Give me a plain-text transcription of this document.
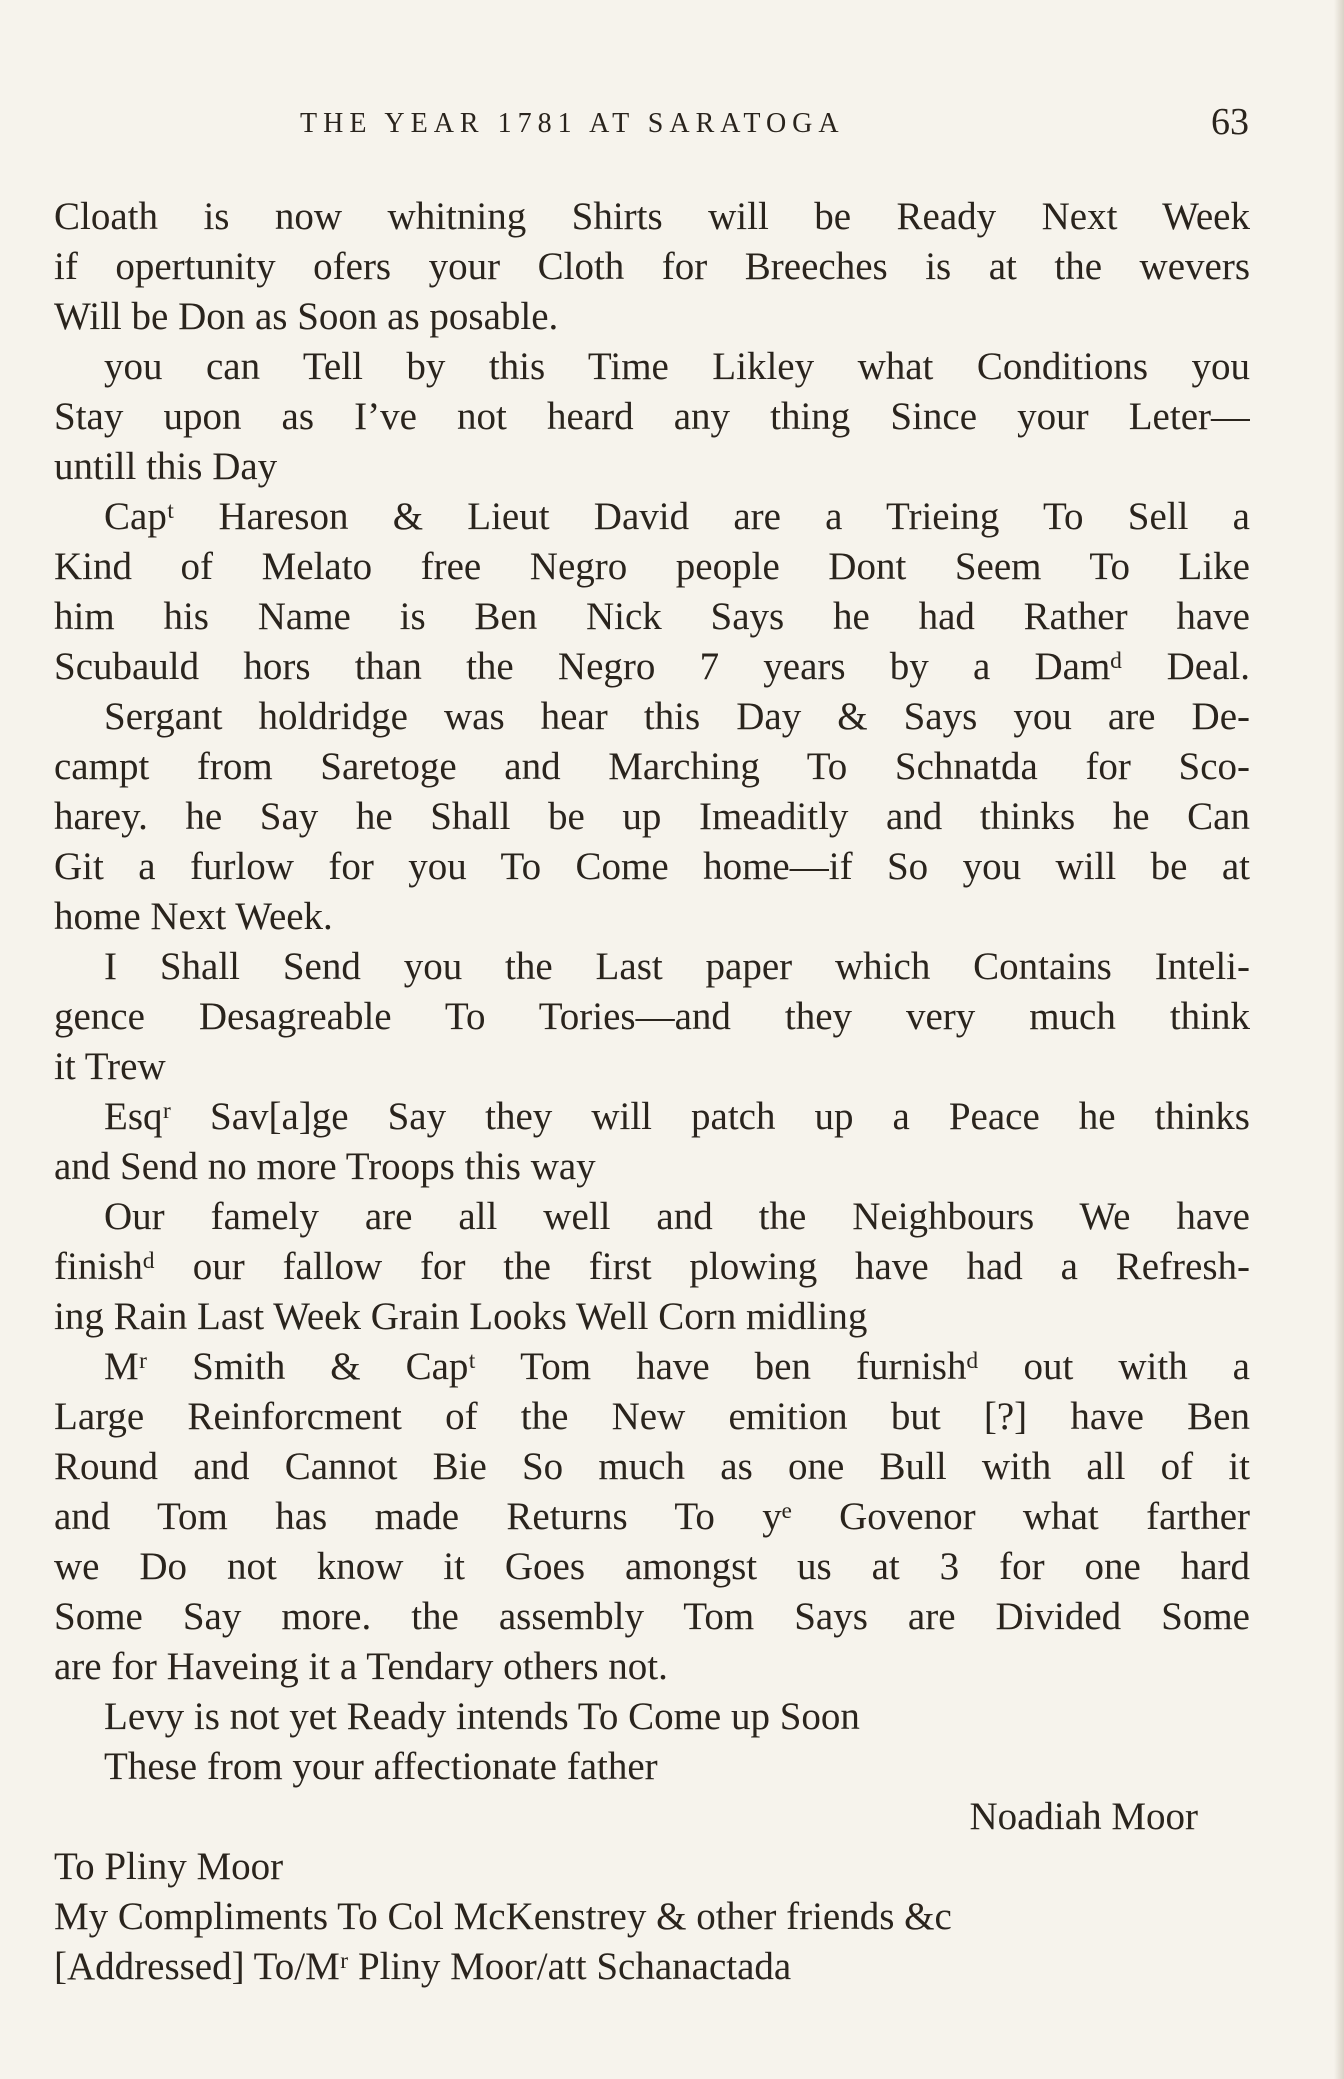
THE YEAR 1781 AT SARATOGA	63
Cloath is now whitning Shirts will be Ready Next Week
if opertunity ofers your Cloth for Breeches is at the wevers
Will be Don as Soon as posable.
you can Tell by this Time Likley what Conditions you
Stay upon as I’ve not heard any thing Since your Leter—
untill this Day
Capᵗ Hareson & Lieut David are a Trieing To Sell a
Kind of Melato free Negro people Dont Seem To Like
him his Name is Ben Nick Says he had Rather have
Scubauld hors than the Negro 7 years by a Damᵈ Deal.
Sergant holdridge was hear this Day & Says you are De-
campt from Saretoge and Marching To Schnatda for Sco-
harey. he Say he Shall be up Imeaditly and thinks he Can
Git a furlow for you To Come home—if So you will be at
home Next Week.
I Shall Send you the Last paper which Contains Inteli-
gence Desagreable To Tories—and they very much think
it Trew
Esqʳ Sav[a]ge Say they will patch up a Peace he thinks
and Send no more Troops this way
Our famely are all well and the Neighbours We have
finishᵈ our fallow for the first plowing have had a Refresh-
ing Rain Last Week Grain Looks Well Corn midling
Mʳ Smith & Capᵗ Tom have ben furnishᵈ out with a
Large Reinforcment of the New emition but [?] have Ben
Round and Cannot Bie So much as one Bull with all of it
and Tom has made Returns To yᵉ Govenor what farther
we Do not know it Goes amongst us at 3 for one hard
Some Say more. the assembly Tom Says are Divided Some
are for Haveing it a Tendary others not.
Levy is not yet Ready intends To Come up Soon
These from your affectionate father
Noadiah Moor
To Pliny Moor
My Compliments To Col McKenstrey & other friends &c
[Addressed] To/Mʳ Pliny Moor/att Schanactada
